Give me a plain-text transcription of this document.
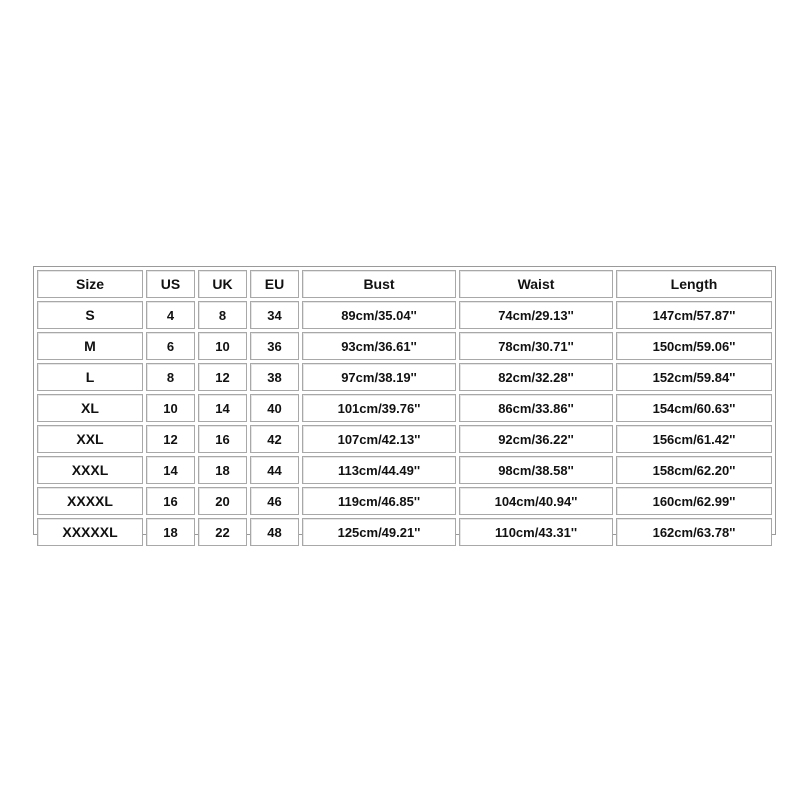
Size	US	UK	EU	Bust	Waist	Length
S	4	8	34	89cm/35.04''	74cm/29.13''	147cm/57.87''
M	6	10	36	93cm/36.61''	78cm/30.71''	150cm/59.06''
L	8	12	38	97cm/38.19''	82cm/32.28''	152cm/59.84''
XL	10	14	40	101cm/39.76''	86cm/33.86''	154cm/60.63''
XXL	12	16	42	107cm/42.13''	92cm/36.22''	156cm/61.42''
XXXL	14	18	44	113cm/44.49''	98cm/38.58''	158cm/62.20''
XXXXL	16	20	46	119cm/46.85''	104cm/40.94''	160cm/62.99''
XXXXXL	18	22	48	125cm/49.21''	110cm/43.31''	162cm/63.78''
